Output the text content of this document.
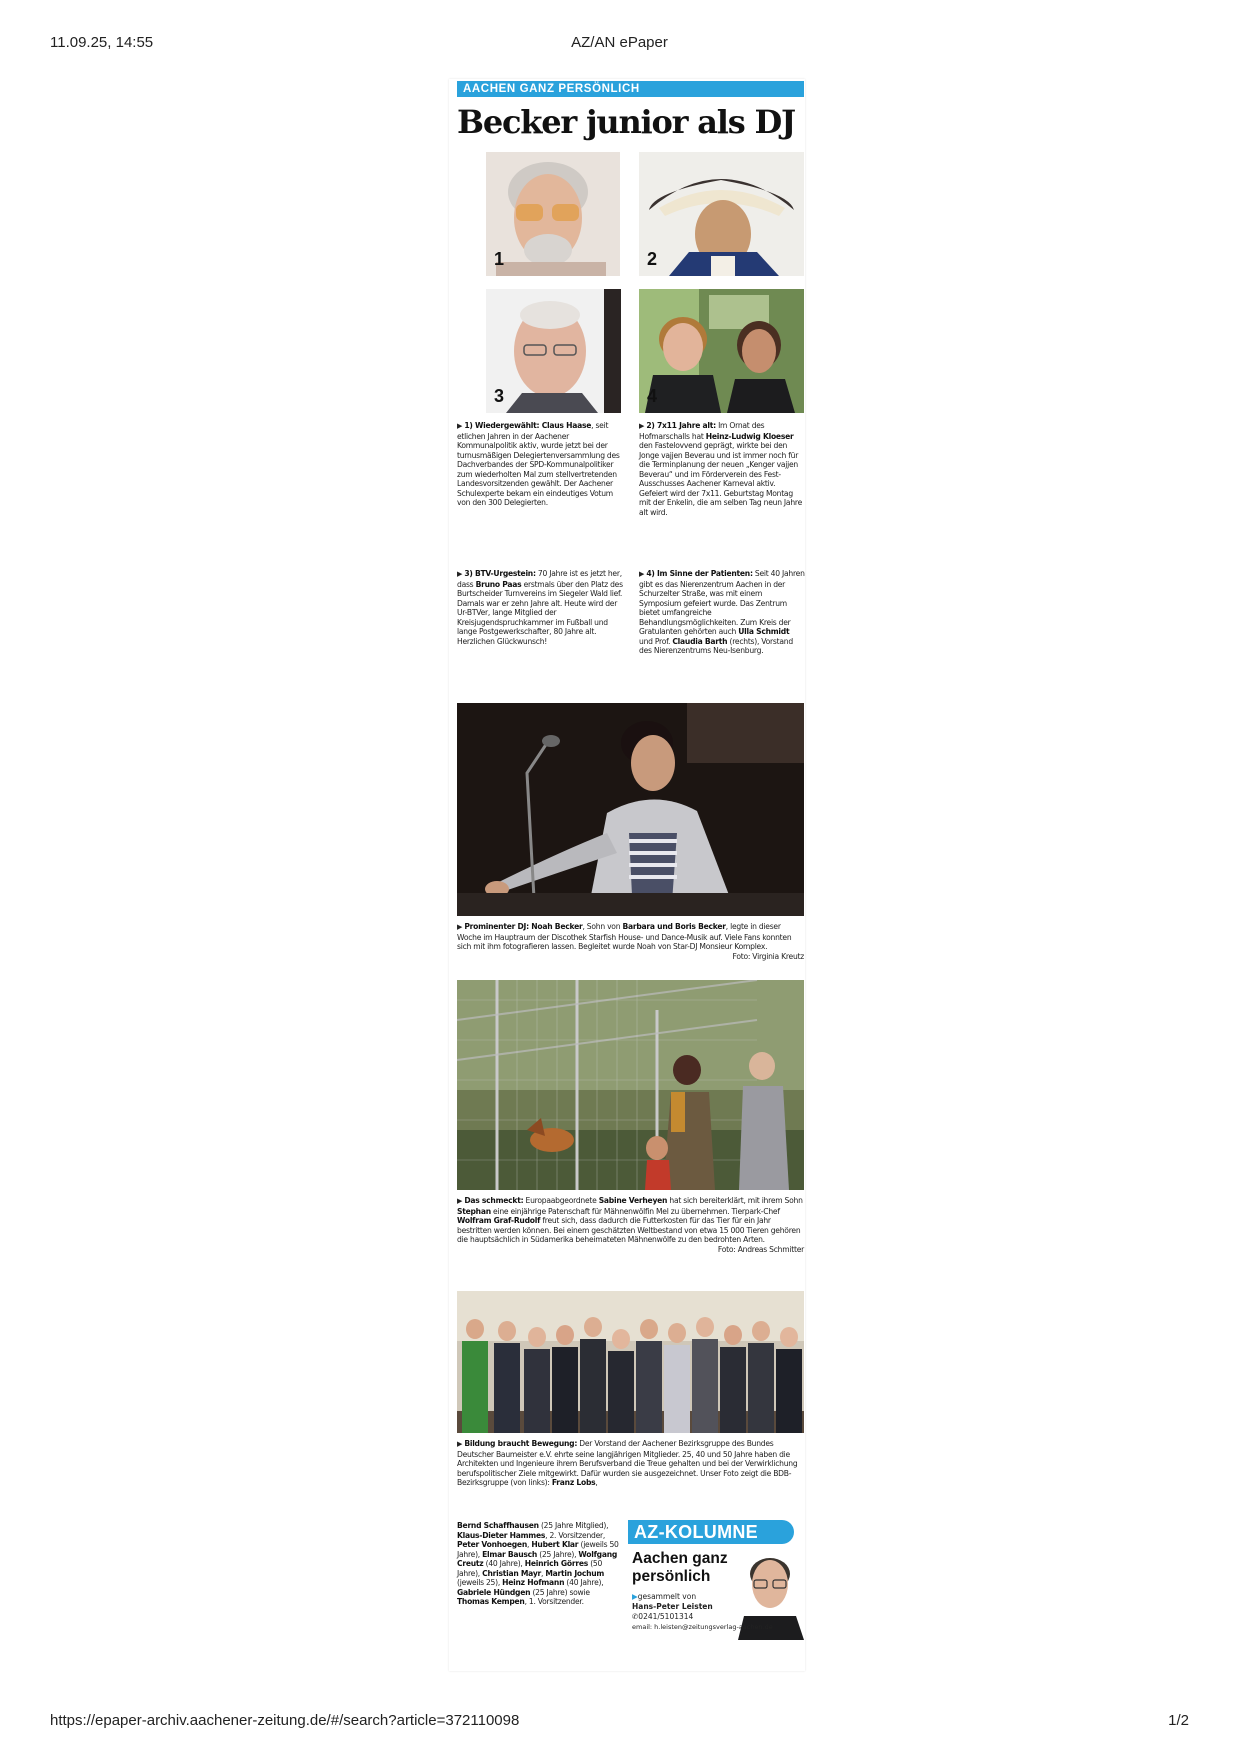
11.09.25, 14:55	AZ/AN ePaper
https://epaper-archiv.aachener-zeitung.de/#/search?article=372110098	1/2
AACHEN GANZ PERSÖNLICH
Becker junior als DJ
1	2
3	4
▶ 1) Wiedergewählt: Claus Haase, seit etlichen Jahren in der Aachener Kommunalpolitik aktiv, wurde jetzt bei der turnusmäßigen Delegiertenversammlung des Dachverbandes der SPD-Kommunalpolitiker zum wiederholten Mal zum stellvertretenden Landesvorsitzenden gewählt. Der Aachener Schulexperte bekam ein eindeutiges Votum von den 300 Delegierten.
▶ 2) 7x11 Jahre alt: Im Ornat des Hofmarschalls hat Heinz-Ludwig Kloeser den Fastelovvend geprägt, wirkte bei den Jonge vajjen Beverau und ist immer noch für die Terminplanung der neuen „Kenger vajjen Beverau“ und im Förderverein des Fest-Ausschusses Aachener Karneval aktiv. Gefeiert wird der 7x11. Geburtstag Montag mit der Enkelin, die am selben Tag neun Jahre alt wird.
▶ 3) BTV-Urgestein: 70 Jahre ist es jetzt her, dass Bruno Paas erstmals über den Platz des Burtscheider Turnvereins im Siegeler Wald lief. Damals war er zehn Jahre alt. Heute wird der Ur-BTVer, lange Mitglied der Kreisjugendspruchkammer im Fußball und lange Postgewerkschafter, 80 Jahre alt. Herzlichen Glückwunsch!
▶ 4) Im Sinne der Patienten: Seit 40 Jahren gibt es das Nierenzentrum Aachen in der Schurzelter Straße, was mit einem Symposium gefeiert wurde. Das Zentrum bietet umfangreiche Behandlungsmöglichkeiten. Zum Kreis der Gratulanten gehörten auch Ulla Schmidt und Prof. Claudia Barth (rechts), Vorstand des Nierenzentrums Neu-Isenburg.
▶ Prominenter DJ: Noah Becker, Sohn von Barbara und Boris Becker, legte in dieser Woche im Hauptraum der Discothek Starfish House- und Dance-Musik auf. Viele Fans konnten sich mit ihm fotografieren lassen. Begleitet wurde Noah von Star-DJ Monsieur Komplex.
Foto: Virginia Kreutz
▶ Das schmeckt: Europaabgeordnete Sabine Verheyen hat sich bereiterklärt, mit ihrem Sohn Stephan eine einjährige Patenschaft für Mähnenwölfin Mel zu übernehmen. Tierpark-Chef Wolfram Graf-Rudolf freut sich, dass dadurch die Futterkosten für das Tier für ein Jahr bestritten werden können. Bei einem geschätzten Weltbestand von etwa 15 000 Tieren gehören die hauptsächlich in Südamerika beheimateten Mähnenwölfe zu den bedrohten Arten.
Foto: Andreas Schmitter
▶ Bildung braucht Bewegung: Der Vorstand der Aachener Bezirksgruppe des Bundes Deutscher Baumeister e.V. ehrte seine langjährigen Mitglieder. 25, 40 und 50 Jahre haben die Architekten und Ingenieure ihrem Berufsverband die Treue gehalten und bei der Verwirklichung berufspolitischer Ziele mitgewirkt. Dafür wurden sie ausgezeichnet. Unser Foto zeigt die BDB-Bezirksgruppe (von links): Franz Lobs,
Bernd Schaffhausen (25 Jahre Mitglied), Klaus-Dieter Hammes, 2. Vorsitzender, Peter Vonhoegen, Hubert Klar (jeweils 50 Jahre), Elmar Bausch (25 Jahre), Wolfgang Creutz (40 Jahre), Heinrich Görres (50 Jahre), Christian Mayr, Martin Jochum (jeweils 25), Heinz Hofmann (40 Jahre), Gabriele Hündgen (25 Jahre) sowie Thomas Kempen, 1. Vorsitzender.
AZ-KOLUMNE
Aachen ganz persönlich
▶gesammelt von
Hans-Peter Leisten
✆0241/5101314
email: h.leisten@zeitungsverlag-aachen.de
